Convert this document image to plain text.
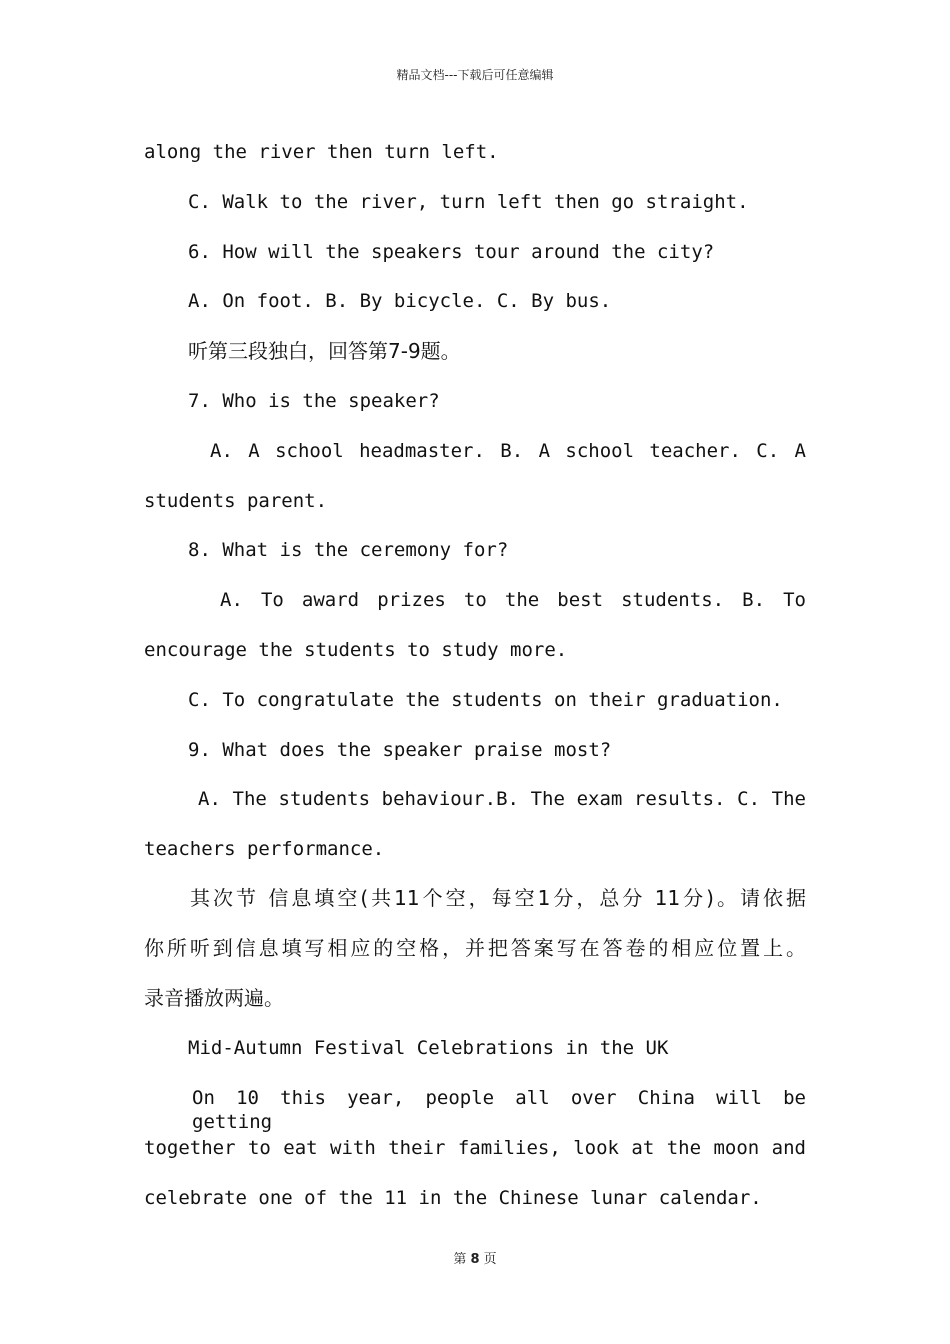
精品文档---下载后可任意编辑
along the river then turn left.
C. Walk to the river, turn left then go straight.
6. How will the speakers tour around the city?
A. On foot. B. By bicycle. C. By bus.
听第三段独白，回答第7-9题。
7. Who is the speaker?
A. A school headmaster. B. A school teacher. C. A
students parent.
8. What is the ceremony for?
A. To award prizes to the best students. B. To
encourage the students to study more.
C. To congratulate the students on their graduation.
9. What does the speaker praise most?
A. The students behaviour.B. The exam results. C. The
teachers performance.
其次节 信息填空(共11个空，每空1分，总分 11分)。请依据
你所听到信息填写相应的空格，并把答案写在答卷的相应位置上。
录音播放两遍。
Mid-Autumn Festival Celebrations in the UK
On 10 this year, people all over China will be getting
together to eat with their families, look at the moon and
celebrate one of the 11 in the Chinese lunar calendar.
第 8 页
